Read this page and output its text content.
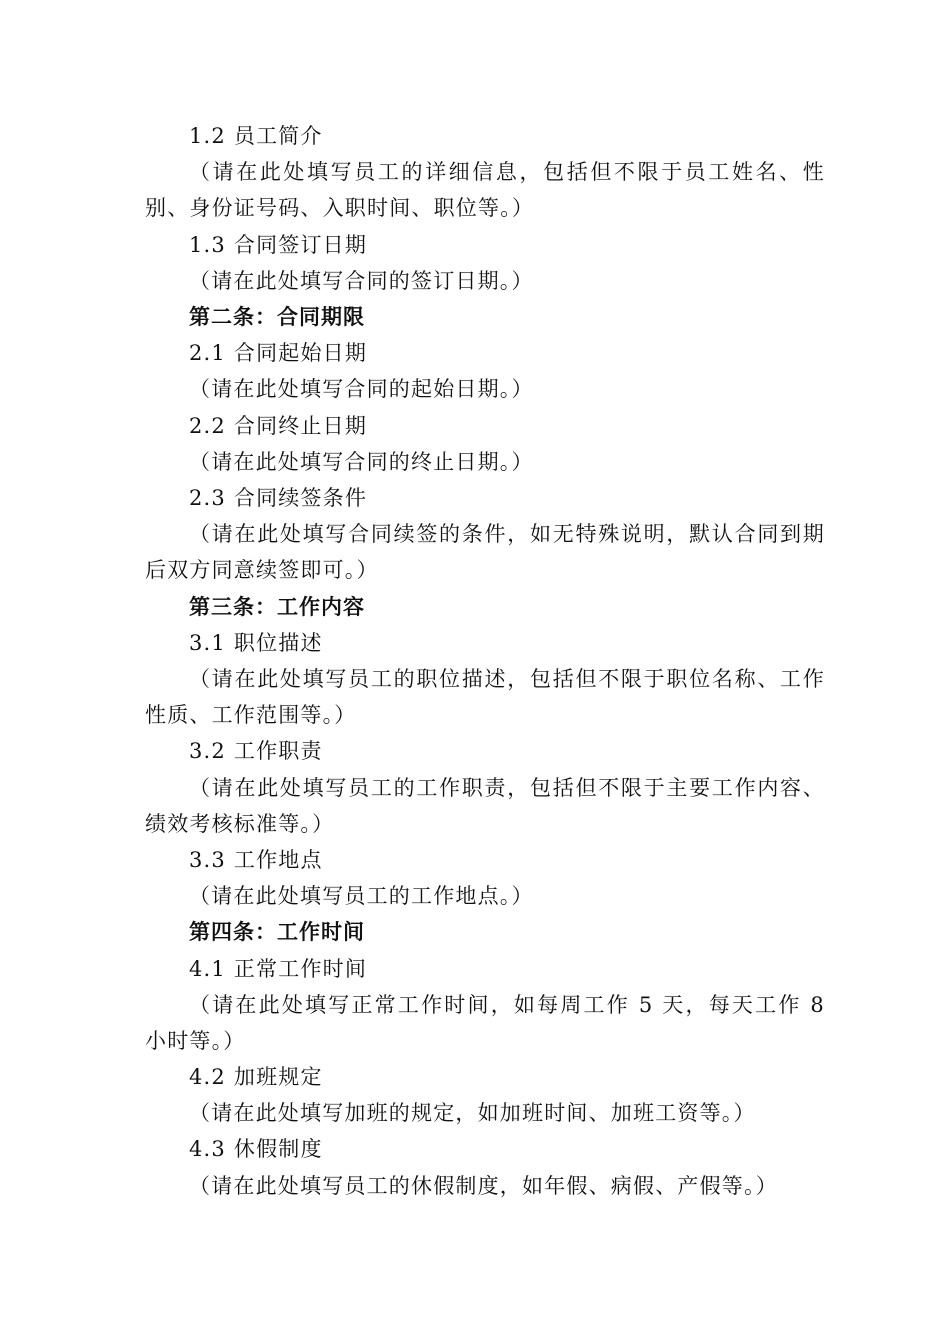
1.2 员工简介
（请在此处填写员工的详细信息，包括但不限于员工姓名、性别、身份证号码、入职时间、职位等。）
1.3 合同签订日期
（请在此处填写合同的签订日期。）
第二条：合同期限
2.1 合同起始日期
（请在此处填写合同的起始日期。）
2.2 合同终止日期
（请在此处填写合同的终止日期。）
2.3 合同续签条件
（请在此处填写合同续签的条件，如无特殊说明，默认合同到期后双方同意续签即可。）
第三条：工作内容
3.1 职位描述
（请在此处填写员工的职位描述，包括但不限于职位名称、工作性质、工作范围等。）
3.2 工作职责
（请在此处填写员工的工作职责，包括但不限于主要工作内容、绩效考核标准等。）
3.3 工作地点
（请在此处填写员工的工作地点。）
第四条：工作时间
4.1 正常工作时间
（请在此处填写正常工作时间，如每周工作 5 天，每天工作 8 小时等。）
4.2 加班规定
（请在此处填写加班的规定，如加班时间、加班工资等。）
4.3 休假制度
（请在此处填写员工的休假制度，如年假、病假、产假等。）
